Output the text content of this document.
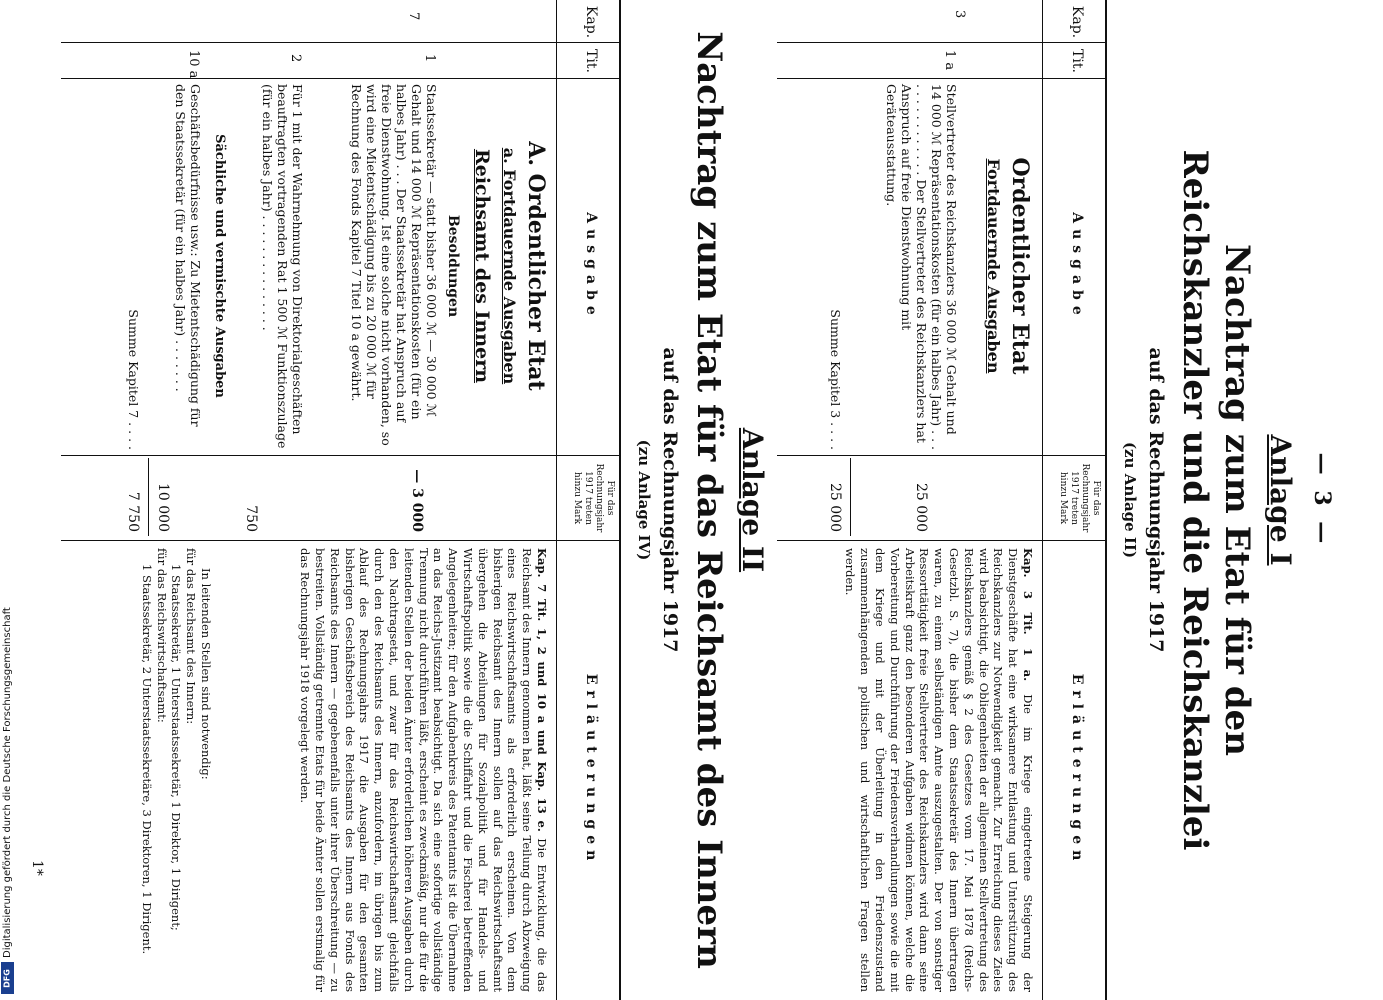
— 3 —
Anlage I
Nachtrag zum Etat für den
Reichskanzler und die Reichskanzlei
auf das Rechnungsjahr 1917
(zu Anlage II)
Kap.
Tit.
Ausgabe
Für das Rechnungsjahr 1917 treten hinzu Mark
Erläuterungen
Ordentlicher Etat
Fortdauernde Ausgaben
3
1 a
Stellvertreter des Reichskanzlers 36 000 ℳ Gehalt und 14 000 ℳ Repräsentationskosten (für ein halbes Jahr) . . . . . . . . . . . . . . . Der Stellvertreter des Reichskanzlers hat Anspruch auf freie Dienstwohnung mit Geräteausstattung.
25 000
Summe Kapitel 3 . . . .
25 000
Kap. 3 Tit. 1 a. Die im Kriege eingetretene Steigerung der Dienstgeschäfte hat eine wirksamere Entlastung und Unterstützung des Reichskanzlers zur Notwendigkeit gemacht. Zur Erreichung dieses Zieles wird beabsichtigt, die Obliegenheiten der allgemeinen Stellvertretung des Reichskanzlers gemäß § 2 des Gesetzes vom 17. Mai 1878 (Reichs-Gesetzbl. S. 7), die bisher dem Staatssekretär des Innern übertragen waren, zu einem selbständigen Amte auszugestalten. Der von sonstiger Ressorttätigkeit freie Stellvertreter des Reichskanzlers wird dann seine Arbeitskraft ganz den besonderen Aufgaben widmen können, welche die Vorbereitung und Durchführung der Friedensverhandlungen sowie die mit dem Kriege und mit der Überleitung in den Friedenszustand zusammenhängenden politischen und wirtschaftlichen Fragen stellen werden.
Anlage II
Nachtrag zum Etat für das Reichsamt des Innern
auf das Rechnungsjahr 1917
(zu Anlage IV)
Kap.
Tit.
Ausgabe
Für das Rechnungsjahr 1917 treten hinzu Mark
Erläuterungen
A. Ordentlicher Etat
a. Fortdauernde Ausgaben
Reichsamt des Innern
Besoldungen
7
1
Staatssekretär — statt bisher 36 000 ℳ — 30 000 ℳ Gehalt und 14 000 ℳ Repräsentationskosten (für ein halbes Jahr) . . . Der Staatssekretär hat Anspruch auf freie Dienstwohnung. Ist eine solche nicht vorhanden, so wird eine Mietentschädigung bis zu 20 000 ℳ für Rechnung des Fonds Kapitel 7 Titel 10 a gewährt.
— 3 000
2
Für 1 mit der Wahrnehmung von Direktorialgeschäften beauftragten vortragenden Rat 1 500 ℳ Funktionszulage (für ein halbes Jahr) . . . . . . . . . . . . . . .
750
Sächliche und vermischte Ausgaben
10 a
Geschäftsbedürfnisse usw.: Zu Mietentschädigung für den Staatssekretär (für ein halbes Jahr) . . . . . . .
10 000
Summe Kapitel 7 . . . .
7 750
Kap. 7 Tit. 1, 2 und 10 a und Kap. 13 e. Die Entwicklung, die das Reichsamt des Innern genommen hat, läßt seine Teilung durch Abzweigung eines Reichswirtschaftsamts als erforderlich erscheinen. Von dem bisherigen Reichsamt des Innern sollen auf das Reichswirtschaftsamt übergehen die Abteilungen für Sozialpolitik und für Handels- und Wirtschaftspolitik sowie die die Schiffahrt und die Fischerei betreffenden Angelegenheiten; für den Aufgabenkreis des Patentamts ist die Übernahme an das Reichs-Justizamt beabsichtigt. Da sich eine sofortige vollständige Trennung nicht durchführen läßt, erscheint es zweckmäßig, nur die für die leitenden Stellen der beiden Ämter erforderlichen höheren Ausgaben durch den Nachtragsetat, und zwar für das Reichswirtschaftsamt gleichfalls durch den des Reichsamts des Innern, anzufordern, im übrigen bis zum Ablauf des Rechnungsjahrs 1917 die Ausgaben für den gesamten bisherigen Geschäftsbereich des Reichsamts des Innern aus Fonds des Reichsamts des Innern — gegebenenfalls unter ihrer Überschreitung — zu bestreiten. Vollständig getrennte Etats für beide Ämter sollen erstmalig für das Rechnungsjahr 1918 vorgelegt werden.
In leitenden Stellen sind notwendig:
für das Reichsamt des Innern:
1 Staatssekretär, 1 Unterstaatssekretär, 1 Direktor, 1 Dirigent;
für das Reichswirtschaftsamt:
1 Staatssekretär, 2 Unterstaatssekretäre, 3 Direktoren, 1 Dirigent.
1*
Digitalisierung gefördert durch die Deutsche Forschungsgemeinschaft
DFG
